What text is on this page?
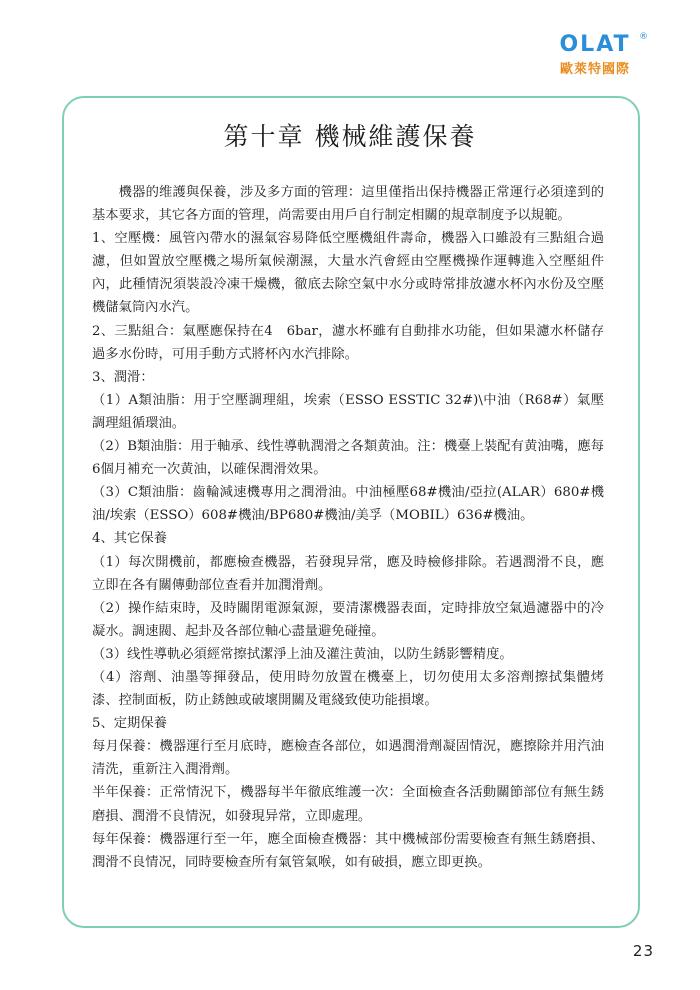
OLAT ®
歐萊特國際
第十章 機械維護保養

機器的维護與保養，涉及多方面的管理：這里僅指出保持機器正常運行必須達到的基本要求，其它各方面的管理，尚需要由用戶自行制定相關的規章制度予以規範。

1、空壓機：風管內帶水的濕氣容易降低空壓機組件壽命，機器入口雖設有三點組合過濾，但如置放空壓機之場所氣候潮濕，大量水汽會經由空壓機操作運轉進入空壓組件內，此種情況須裝設冷凍干燥機，徹底去除空氣中水分或時常排放濾水杯內水份及空壓機儲氣筒內水汽。

2、三點組合：氣壓應保持在4　6bar，濾水杯雖有自動排水功能，但如果濾水杯儲存過多水份時，可用手動方式將杯內水汽排除。

3、潤滑：

（1）A類油脂：用于空壓調理組，埃索（ESSO ESSTIC 32#)\中油（R68#）氣壓調理組循環油。

（2）B類油脂：用于軸承、线性導軌潤滑之各類黄油。注：機臺上裝配有黄油嘴，應每6個月補充一次黄油，以確保潤滑效果。

（3）C類油脂：齒輪減速機專用之潤滑油。中油極壓68#機油/亞拉(ALAR）680#機油/埃索（ESSO）608#機油/BP680#機油/美孚（MOBIL）636#機油。

4、其它保養

（1）每次開機前，都應檢查機器，若發現异常，應及時檢修排除。若遇潤滑不良，應立即在各有關傳動部位查看并加潤滑劑。

（2）操作結束時，及時關閉電源氣源，要清潔機器表面，定時排放空氣過濾器中的冷凝水。調速閥、起卦及各部位軸心盡量避免碰撞。

（3）线性導軌必須經常擦拭潔淨上油及灌注黄油，以防生銹影響精度。

（4）溶劑、油墨等揮發品，使用時勿放置在機臺上，切勿使用太多溶劑擦拭集體烤漆、控制面板，防止銹蝕或破壞開關及電綫致使功能損壞。

5、定期保養

每月保養：機器運行至月底時，應檢查各部位，如遇潤滑劑凝固情況，應擦除并用汽油清洗，重新注入潤滑劑。

半年保養：正常情況下，機器每半年徹底维護一次：全面檢查各活動關節部位有無生銹磨損、潤滑不良情況，如發現异常，立即處理。

每年保養：機器運行至一年，應全面檢查機器：其中機械部份需要檢查有無生銹磨損、潤滑不良情况，同時要檢查所有氣管氣喉，如有破損，應立即更换。

23
